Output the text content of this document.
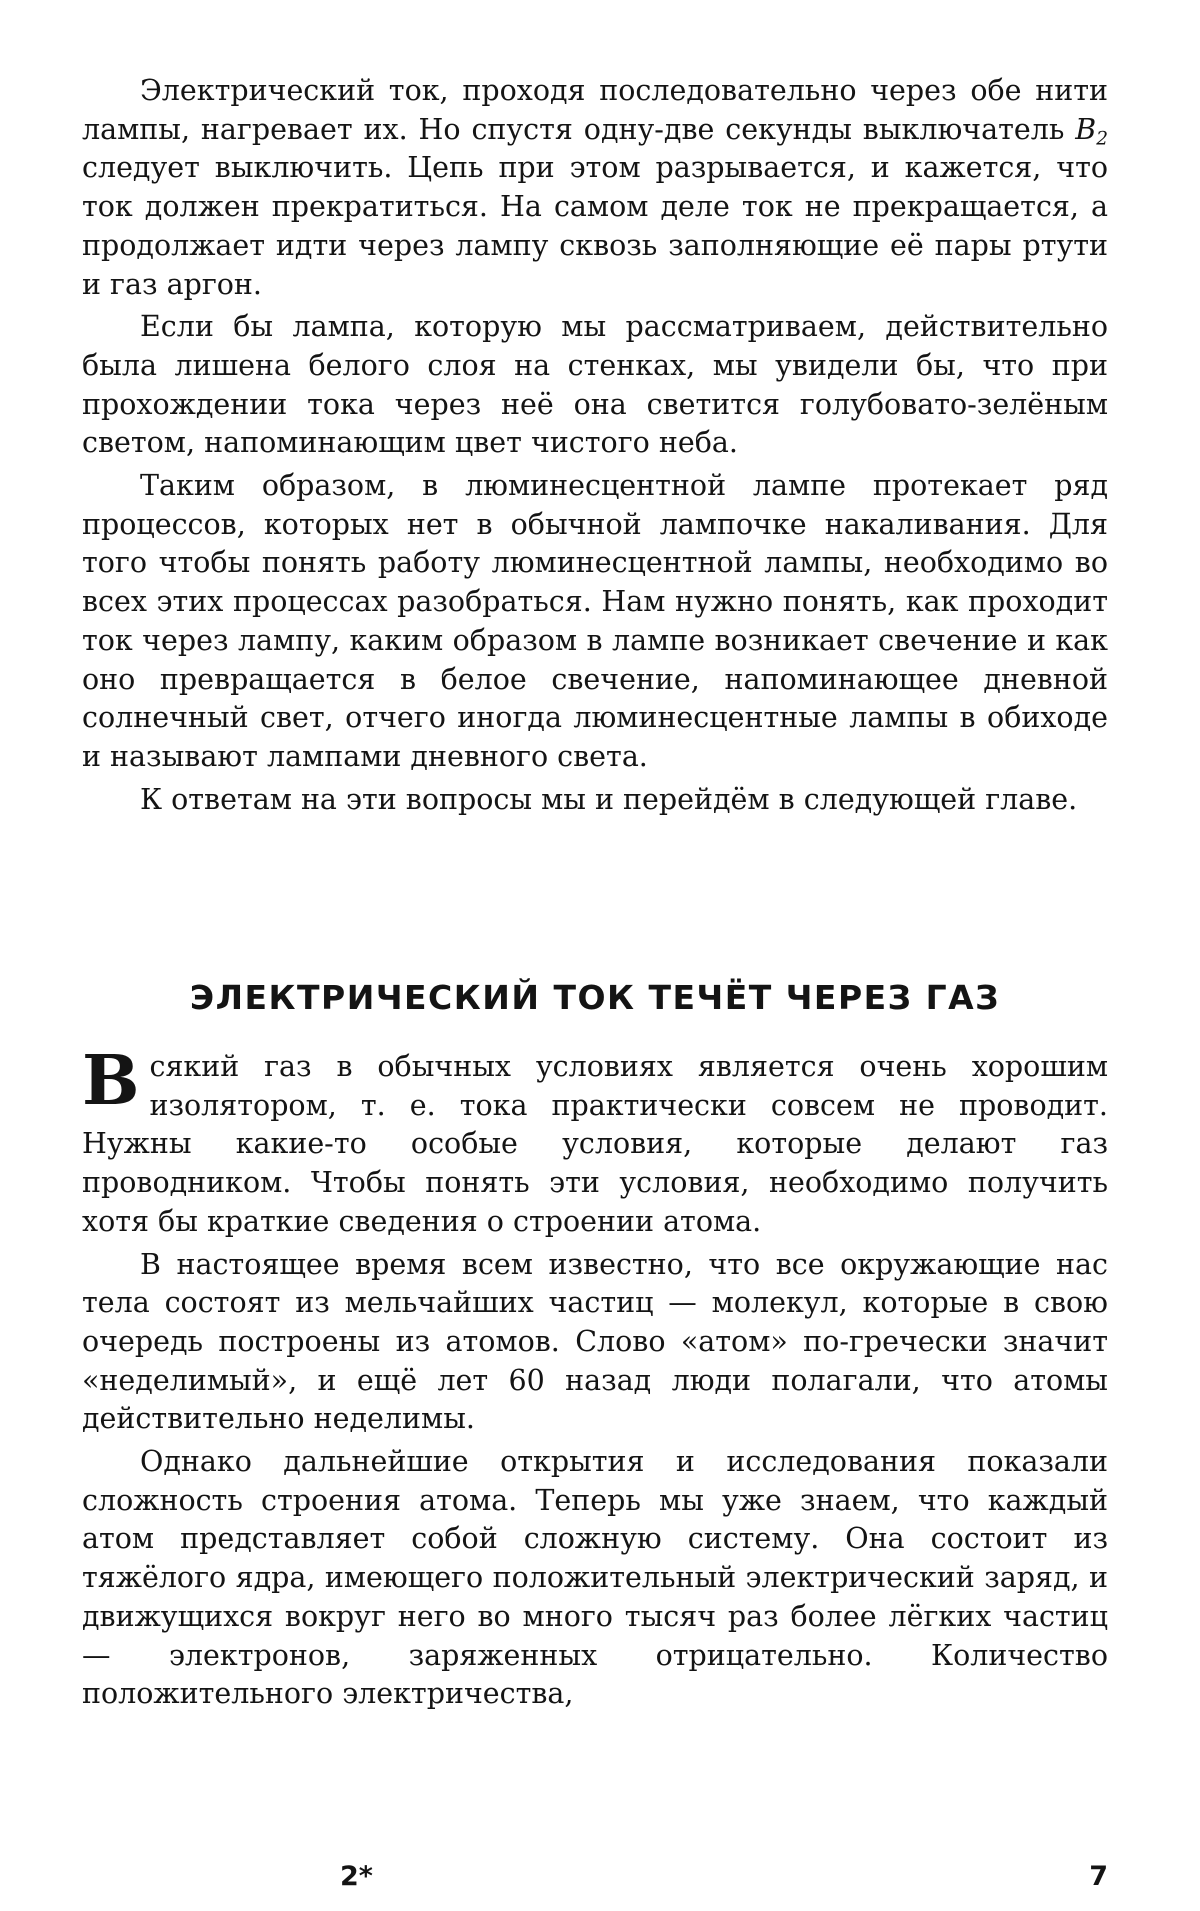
Электрический ток, проходя последовательно через обе нити лампы, нагревает их. Но спустя одну-две секунды выключатель $B_2$ следует выключить. Цепь при этом разрывается, и кажется, что ток должен прекратиться. На самом деле ток не прекращается, а продолжает идти через лампу сквозь заполняющие её пары ртути и газ аргон.

Если бы лампа, которую мы рассматриваем, действительно была лишена белого слоя на стенках, мы увидели бы, что при прохождении тока через неё она светится голубовато-зелёным светом, напоминающим цвет чистого неба.

Таким образом, в люминесцентной лампе протекает ряд процессов, которых нет в обычной лампочке накаливания. Для того чтобы понять работу люминесцентной лампы, необходимо во всех этих процессах разобраться. Нам нужно понять, как проходит ток через лампу, каким образом в лампе возникает свечение и как оно превращается в белое свечение, напоминающее дневной солнечный свет, отчего иногда люминесцентные лампы в обиходе и называют лампами дневного света.

К ответам на эти вопросы мы и перейдём в следующей главе.

ЭЛЕКТРИЧЕСКИЙ ТОК ТЕЧЁТ ЧЕРЕЗ ГАЗ

Всякий газ в обычных условиях является очень хорошим изолятором, т. е. тока практически совсем не проводит. Нужны какие-то особые условия, которые делают газ проводником. Чтобы понять эти условия, необходимо получить хотя бы краткие сведения о строении атома.

В настоящее время всем известно, что все окружающие нас тела состоят из мельчайших частиц — молекул, которые в свою очередь построены из атомов. Слово «атом» по-гречески значит «неделимый», и ещё лет 60 назад люди полагали, что атомы действительно неделимы.

Однако дальнейшие открытия и исследования показали сложность строения атома. Теперь мы уже знаем, что каждый атом представляет собой сложную систему. Она состоит из тяжёлого ядра, имеющего положительный электрический заряд, и движущихся вокруг него во много тысяч раз более лёгких частиц — электронов, заряженных отрицательно. Количество положительного электричества,

2*	7
